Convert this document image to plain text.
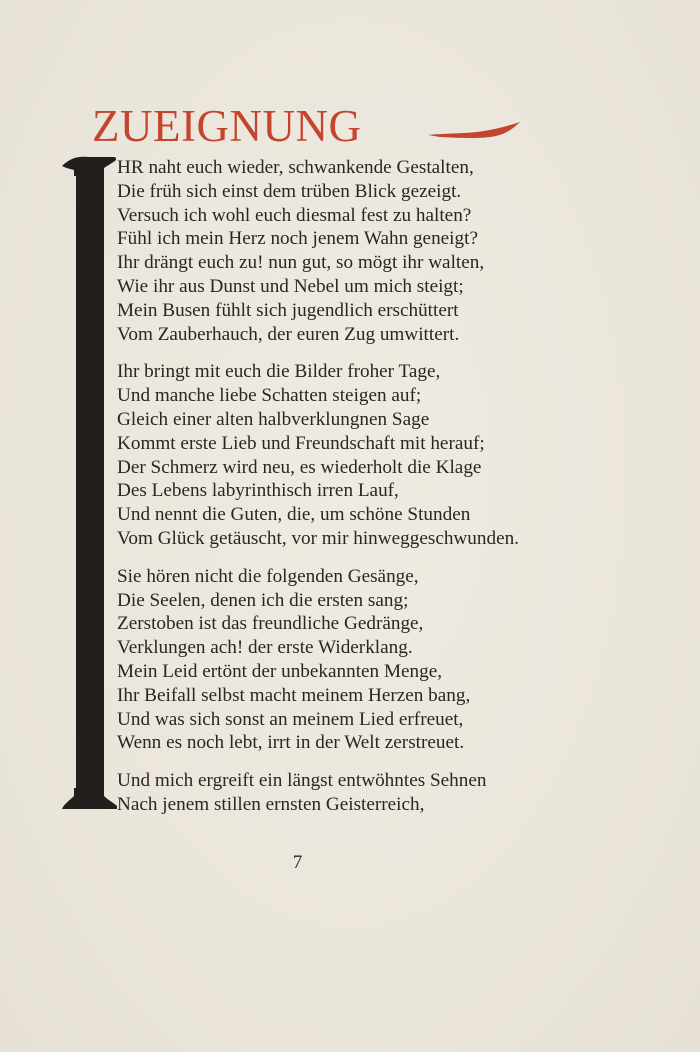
ZUEIGNUNG
HR naht euch wieder, schwankende Gestalten,
Die früh sich einst dem trüben Blick gezeigt.
Versuch ich wohl euch diesmal fest zu halten?
Fühl ich mein Herz noch jenem Wahn geneigt?
Ihr drängt euch zu! nun gut, so mögt ihr walten,
Wie ihr aus Dunst und Nebel um mich steigt;
Mein Busen fühlt sich jugendlich erschüttert
Vom Zauberhauch, der euren Zug umwittert.
Ihr bringt mit euch die Bilder froher Tage,
Und manche liebe Schatten steigen auf;
Gleich einer alten halbverklungnen Sage
Kommt erste Lieb und Freundschaft mit herauf;
Der Schmerz wird neu, es wiederholt die Klage
Des Lebens labyrinthisch irren Lauf,
Und nennt die Guten, die, um schöne Stunden
Vom Glück getäuscht, vor mir hinweggeschwunden.
Sie hören nicht die folgenden Gesänge,
Die Seelen, denen ich die ersten sang;
Zerstoben ist das freundliche Gedränge,
Verklungen ach! der erste Widerklang.
Mein Leid ertönt der unbekannten Menge,
Ihr Beifall selbst macht meinem Herzen bang,
Und was sich sonst an meinem Lied erfreuet,
Wenn es noch lebt, irrt in der Welt zerstreuet.
Und mich ergreift ein längst entwöhntes Sehnen
Nach jenem stillen ernsten Geisterreich,
7
